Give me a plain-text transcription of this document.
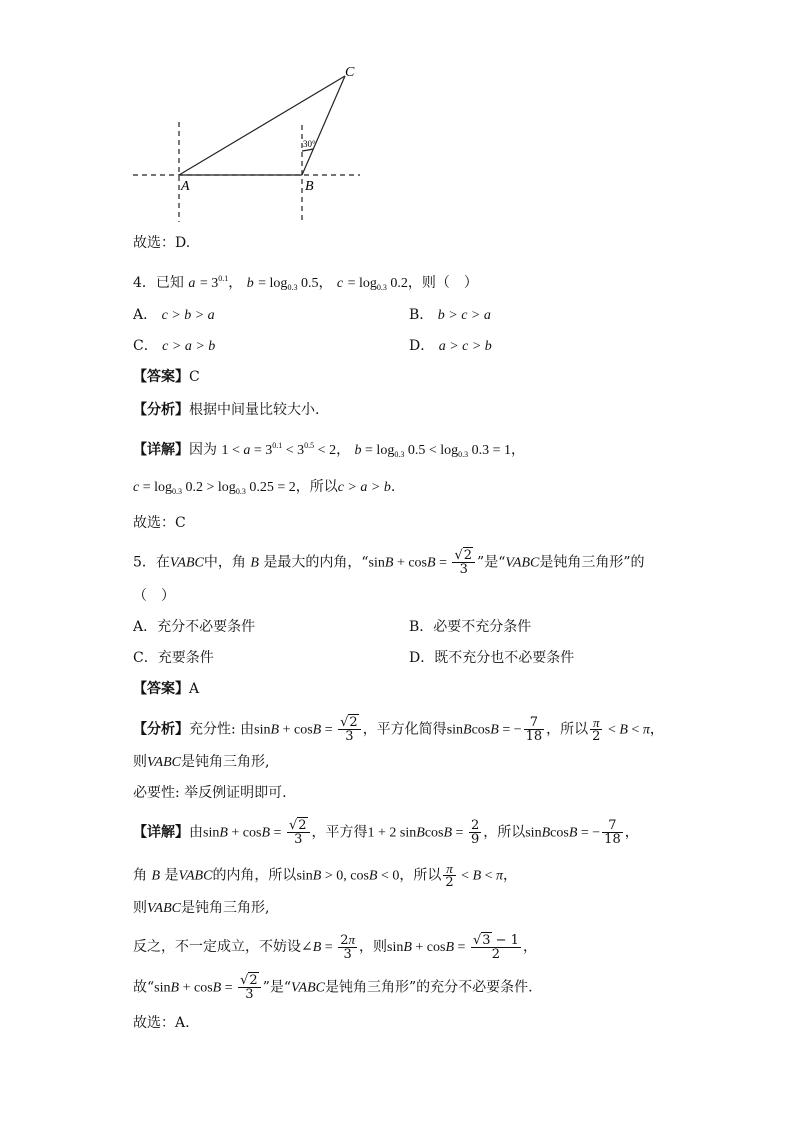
A	B
C
30°
故选：D.
4．已知 $a = 3^{0.1}$， $b = \log_{0.3} 0.5$， $c = \log_{0.3} 0.2$，则（　）
A． c > b > a	B． b > c > a
C． c > a > b	D． a > c > b
【答案】C
【分析】根据中间量比较大小.
【详解】因为 $1 < a = 3^{0.1} < 3^{0.5} < 2$， $b = \log_{0.3} 0.5 < \log_{0.3} 0.3 = 1$，
$c = \log_{0.3} 0.2 > \log_{0.3} 0.25 = 2$，所以c > a > b.
故选：C
5．在VABC中，角 B 是最大的内角，“$\sin B + \cos B = \frac{√2}{3}$ ”是“VABC是钝角三角形”的
（　）
A．充分不必要条件	B．必要不充分条件
C．充要条件	D．既不充分也不必要条件
【答案】A
【分析】充分性: 由$\sin B + \cos B = \frac{√2}{3}$ ，平方化简得sinBcosB = − $\frac{7}{18}$ ，所以 $\frac{\pi}{2} < B < \pi$，
则VABC是钝角三角形,
必要性: 举反例证明即可.
【详解】由$\sin B + \cos B = \frac{√2}{3}$ ，平方得1 + 2 sinBcosB = $\frac{2}{9}$ ，所以sinBcosB = − $\frac{7}{18}$ ，
角 B 是VABC的内角，所以sinB > 0, cosB < 0，所以 $\frac{\pi}{2} < B < \pi$，
则VABC是钝角三角形,
反之，不一定成立，不妨设∠B = $\frac{2\pi}{3}$ ，则$\sin B + \cos B = \frac{√3 - 1}{2}$ ，
故“$\sin B + \cos B = \frac{√2}{3}$ ”是“VABC是钝角三角形”的充分不必要条件.
故选：A.
